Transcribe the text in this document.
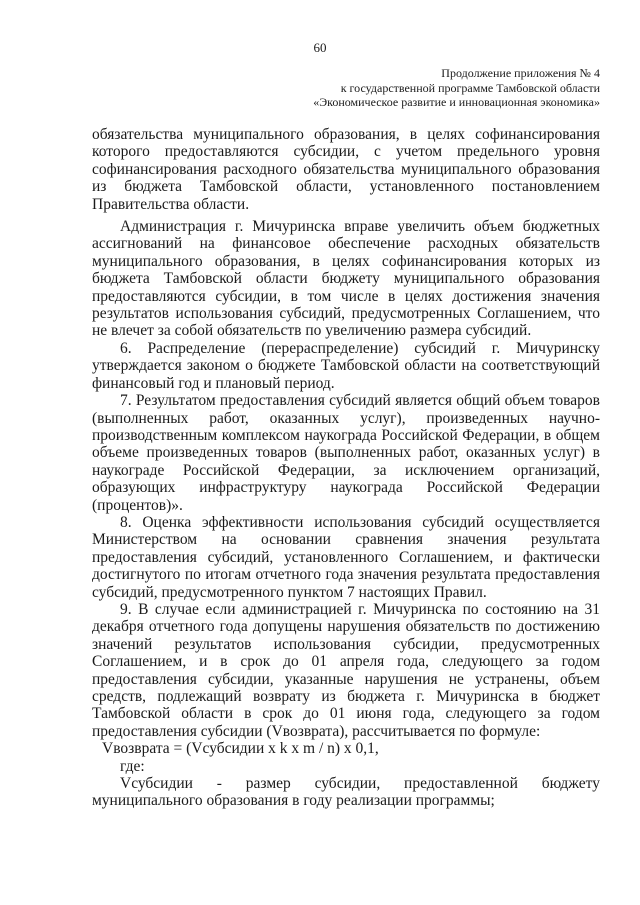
60
Продолжение приложения № 4
к государственной программе Тамбовской области
«Экономическое развитие и инновационная экономика»

обязательства муниципального образования, в целях софинансирования которого предоставляются субсидии, с учетом предельного уровня софинансирования расходного обязательства муниципального образования из бюджета Тамбовской области, установленного постановлением Правительства области.

Администрация г. Мичуринска вправе увеличить объем бюджетных ассигнований на финансовое обеспечение расходных обязательств муниципального образования, в целях софинансирования которых из бюджета Тамбовской области бюджету муниципального образования предоставляются субсидии, в том числе в целях достижения значения результатов использования субсидий, предусмотренных Соглашением, что не влечет за собой обязательств по увеличению размера субсидий.

6. Распределение (перераспределение) субсидий г. Мичуринску утверждается законом о бюджете Тамбовской области на соответствующий финансовый год и плановый период.

7. Результатом предоставления субсидий является общий объем товаров (выполненных работ, оказанных услуг), произведенных научно-производственным комплексом наукограда Российской Федерации, в общем объеме произведенных товаров (выполненных работ, оказанных услуг) в наукограде Российской Федерации, за исключением организаций, образующих инфраструктуру наукограда Российской Федерации (процентов)».

8. Оценка эффективности использования субсидий осуществляется Министерством на основании сравнения значения результата предоставления субсидий, установленного Соглашением, и фактически достигнутого по итогам отчетного года значения результата предоставления субсидий, предусмотренного пунктом 7 настоящих Правил.

9. В случае если администрацией г. Мичуринска по состоянию на 31 декабря отчетного года допущены нарушения обязательств по достижению значений результатов использования субсидии, предусмотренных Соглашением, и в срок до 01 апреля года, следующего за годом предоставления субсидии, указанные нарушения не устранены, объем средств, подлежащий возврату из бюджета г. Мичуринска в бюджет Тамбовской области в срок до 01 июня года, следующего за годом предоставления субсидии (Vвозврата), рассчитывается по формуле:

Vвозврата = (Vсубсидии x k x m / n) x 0,1,

где:

Vсубсидии - размер субсидии, предоставленной бюджету муниципального образования в году реализации программы;
